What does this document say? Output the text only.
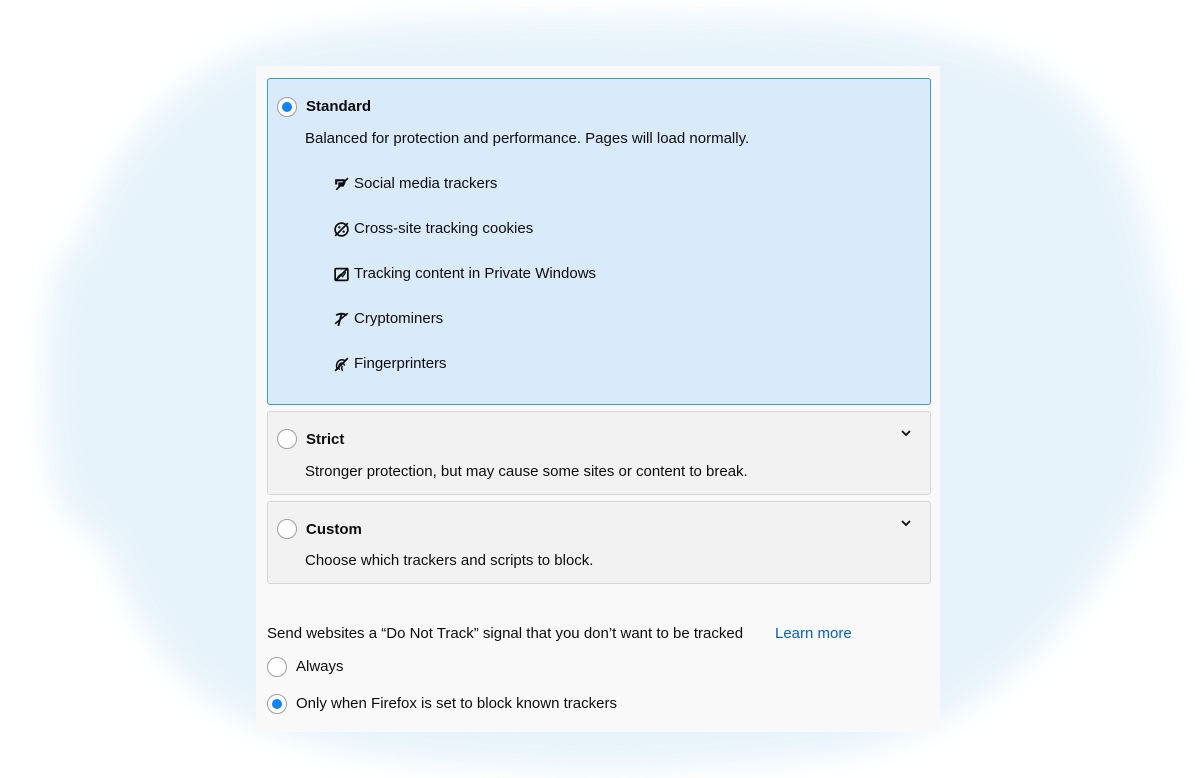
Standard
Balanced for protection and performance. Pages will load normally.
Social media trackers
Cross-site tracking cookies
Tracking content in Private Windows
Cryptominers
Fingerprinters
Strict
Stronger protection, but may cause some sites or content to break.
Custom
Choose which trackers and scripts to block.
Send websites a “Do Not Track” signal that you don’t want to be tracked Learn more
Always
Only when Firefox is set to block known trackers
